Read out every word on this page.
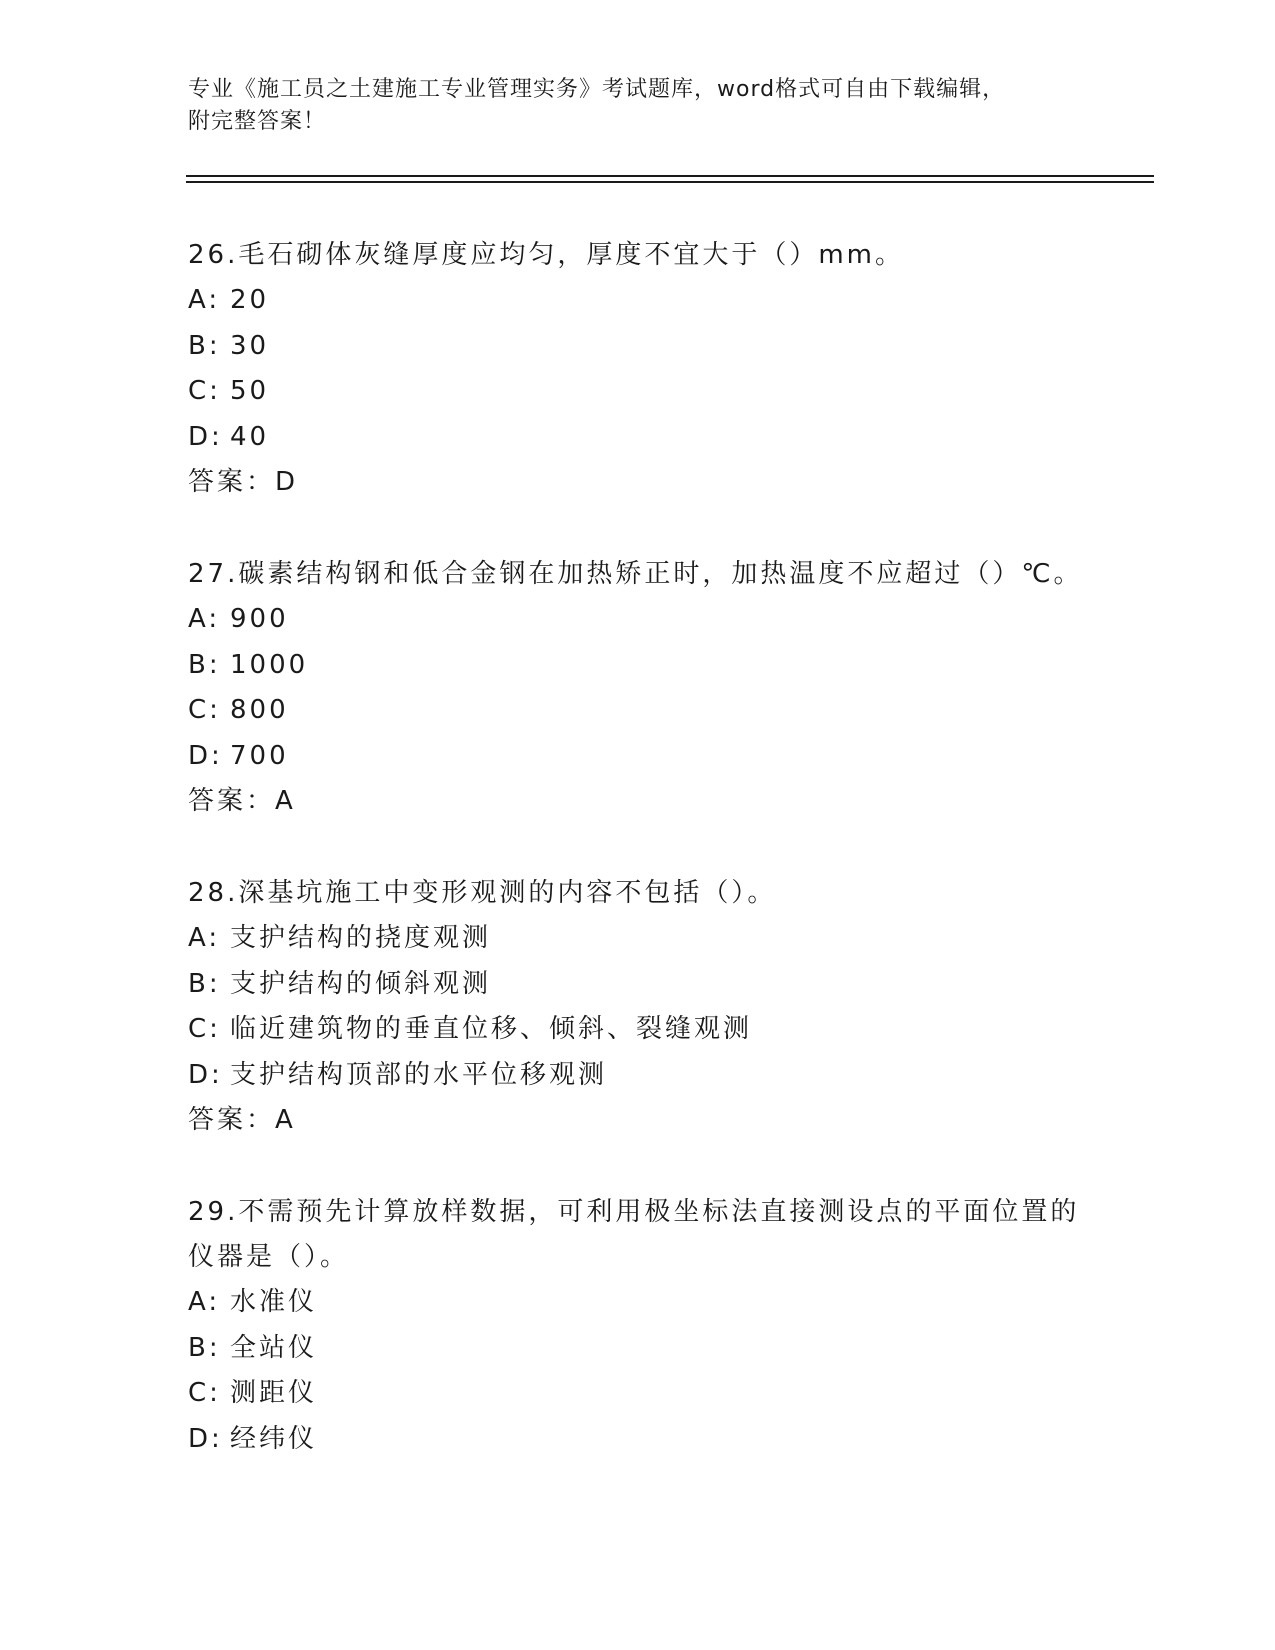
专业《施工员之土建施工专业管理实务》考试题库，word格式可自由下载编辑，
附完整答案！
26.毛石砌体灰缝厚度应均匀，厚度不宜大于（）mm。
A: 20
B: 30
C: 50
D: 40
答案：D
27.碳素结构钢和低合金钢在加热矫正时，加热温度不应超过（）℃。
A: 900
B: 1000
C: 800
D: 700
答案：A
28.深基坑施工中变形观测的内容不包括（）。
A: 支护结构的挠度观测
B: 支护结构的倾斜观测
C: 临近建筑物的垂直位移、倾斜、裂缝观测
D: 支护结构顶部的水平位移观测
答案：A
29.不需预先计算放样数据，可利用极坐标法直接测设点的平面位置的
仪器是（）。
A: 水准仪
B: 全站仪
C: 测距仪
D: 经纬仪
